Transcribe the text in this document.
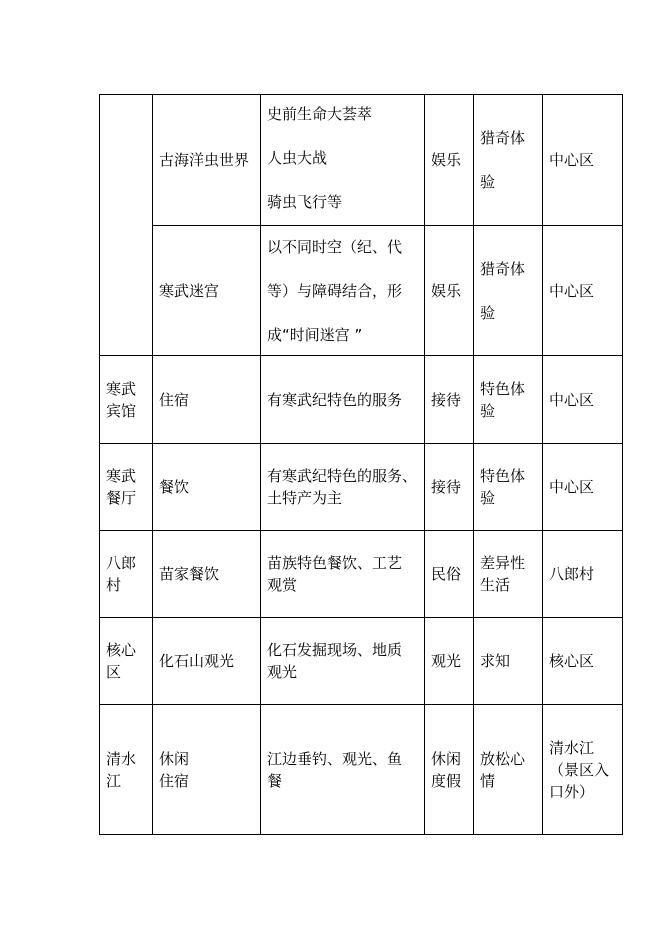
	古海洋虫世界	史前生命大荟萃
人虫大战
骑虫飞行等	娱乐	猎奇体
验	中心区

	寒武迷宫	以不同时空（纪、代
等）与障碍结合，形
成“时间迷宫 ”	娱乐	猎奇体
验	中心区

寒武
宾馆	住宿	有寒武纪特色的服务	接待	特色体
验	中心区

寒武
餐厅	餐饮	有寒武纪特色的服务、
土特产为主	接待	特色体
验	中心区

八郎
村	苗家餐饮	苗族特色餐饮、工艺
观赏	民俗	差异性
生活	八郎村

核心
区	化石山观光	化石发掘现场、地质
观光	观光	求知	核心区

清水
江	休闲
住宿	江边垂钓、观光、鱼
餐	休闲
度假	放松心
情	清水江
（景区入
口外）
